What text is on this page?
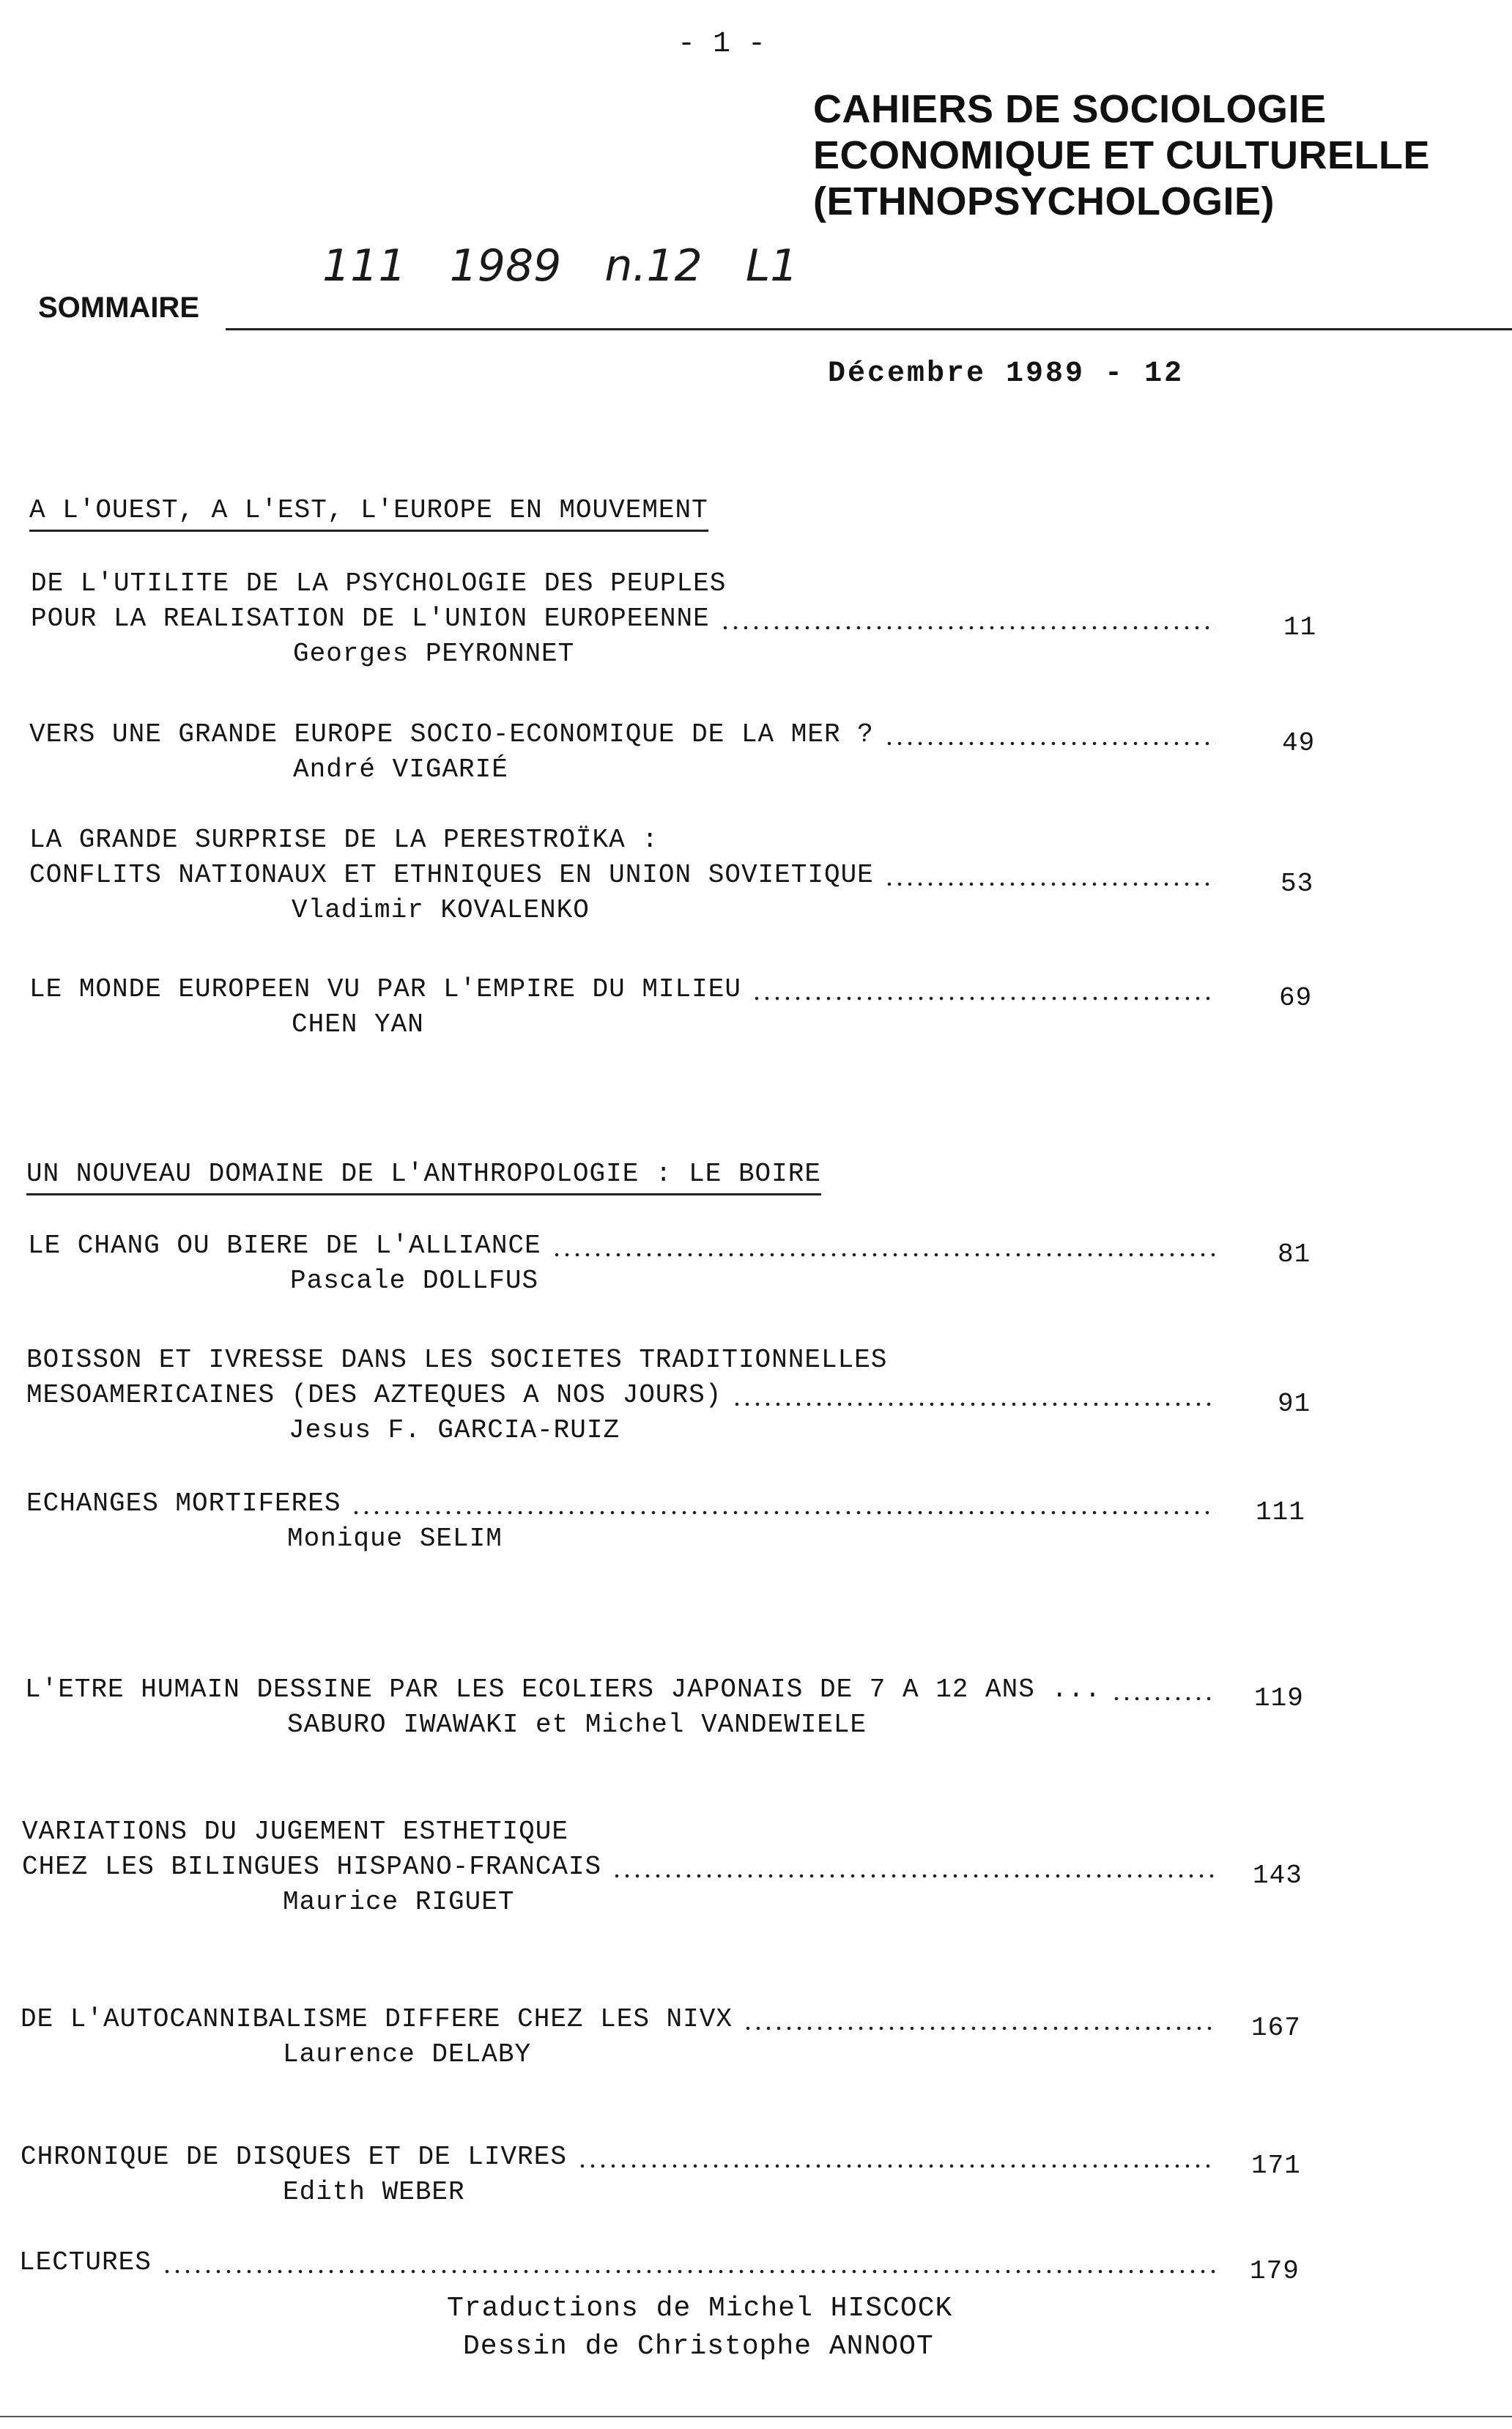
- 1 -
CAHIERS DE SOCIOLOGIE
ECONOMIQUE ET CULTURELLE
(ETHNOPSYCHOLOGIE)
111 1989 n.12 L1
SOMMAIRE
Décembre 1989 - 12
A L'OUEST, A L'EST, L'EUROPE EN MOUVEMENT
UN NOUVEAU DOMAINE DE L'ANTHROPOLOGIE : LE BOIRE
DE L'UTILITE DE LA PSYCHOLOGIE DES PEUPLES
POUR LA REALISATION DE L'UNION EUROPEENNE	11
Georges PEYRONNET
VERS UNE GRANDE EUROPE SOCIO-ECONOMIQUE DE LA MER ?	49
André VIGARIÉ
LA GRANDE SURPRISE DE LA PERESTROÏKA :
CONFLITS NATIONAUX ET ETHNIQUES EN UNION SOVIETIQUE	53
Vladimir KOVALENKO
LE MONDE EUROPEEN VU PAR L'EMPIRE DU MILIEU	69
CHEN YAN
LE CHANG OU BIERE DE L'ALLIANCE	81
Pascale DOLLFUS
BOISSON ET IVRESSE DANS LES SOCIETES TRADITIONNELLES
MESOAMERICAINES (DES AZTEQUES A NOS JOURS)	91
Jesus F. GARCIA-RUIZ
ECHANGES MORTIFERES	111
Monique SELIM
L'ETRE HUMAIN DESSINE PAR LES ECOLIERS JAPONAIS DE 7 A 12 ANS ...	119
SABURO IWAWAKI et Michel VANDEWIELE
VARIATIONS DU JUGEMENT ESTHETIQUE
CHEZ LES BILINGUES HISPANO-FRANCAIS	143
Maurice RIGUET
DE L'AUTOCANNIBALISME DIFFERE CHEZ LES NIVX	167
Laurence DELABY
CHRONIQUE DE DISQUES ET DE LIVRES	171
Edith WEBER
LECTURES	179
Traductions de Michel HISCOCK
Dessin de Christophe ANNOOT
